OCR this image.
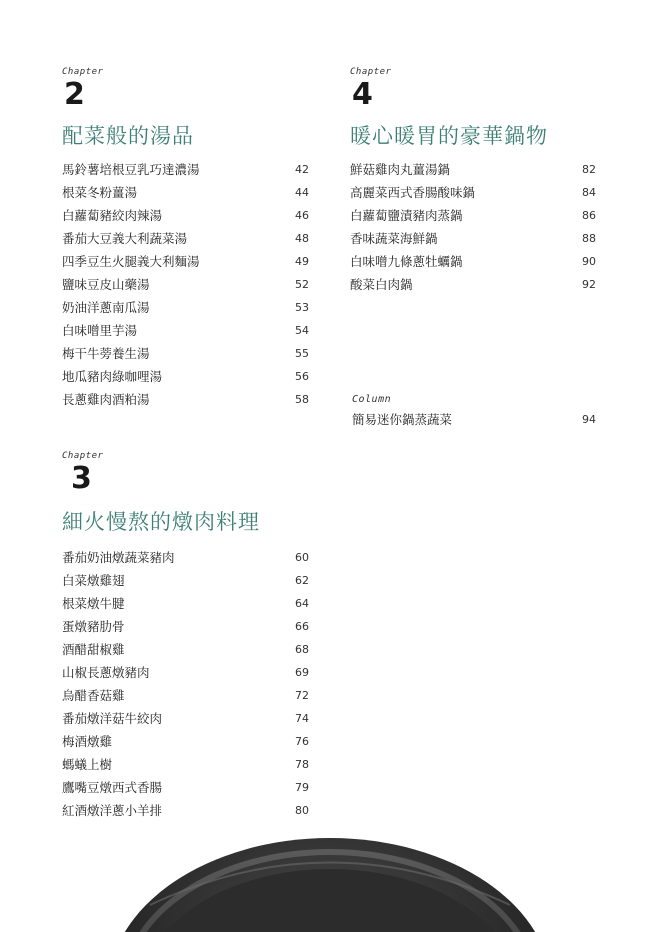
Chapter
2
配菜般的湯品
馬鈴薯培根豆乳巧達濃湯	42
根菜冬粉薑湯	44
白蘿蔔豬絞肉辣湯	46
番茄大豆義大利蔬菜湯	48
四季豆生火腿義大利麵湯	49
鹽味豆皮山藥湯	52
奶油洋蔥南瓜湯	53
白味噌里芋湯	54
梅干牛蒡養生湯	55
地瓜豬肉綠咖哩湯	56
長蔥雞肉酒粕湯	58
Chapter
4
暖心暖胃的豪華鍋物
鮮菇雞肉丸薑湯鍋	82
高麗菜西式香腸酸味鍋	84
白蘿蔔鹽漬豬肉蒸鍋	86
香味蔬菜海鮮鍋	88
白味噌九條蔥牡蠣鍋	90
酸菜白肉鍋	92
Column
簡易迷你鍋蒸蔬菜	94
Chapter
3
細火慢熬的燉肉料理
番茄奶油燉蔬菜豬肉	60
白菜燉雞翅	62
根菜燉牛腱	64
蛋燉豬肋骨	66
酒醋甜椒雞	68
山椒長蔥燉豬肉	69
烏醋香菇雞	72
番茄燉洋菇牛絞肉	74
梅酒燉雞	76
螞蟻上樹	78
鷹嘴豆燉西式香腸	79
紅酒燉洋蔥小羊排	80
